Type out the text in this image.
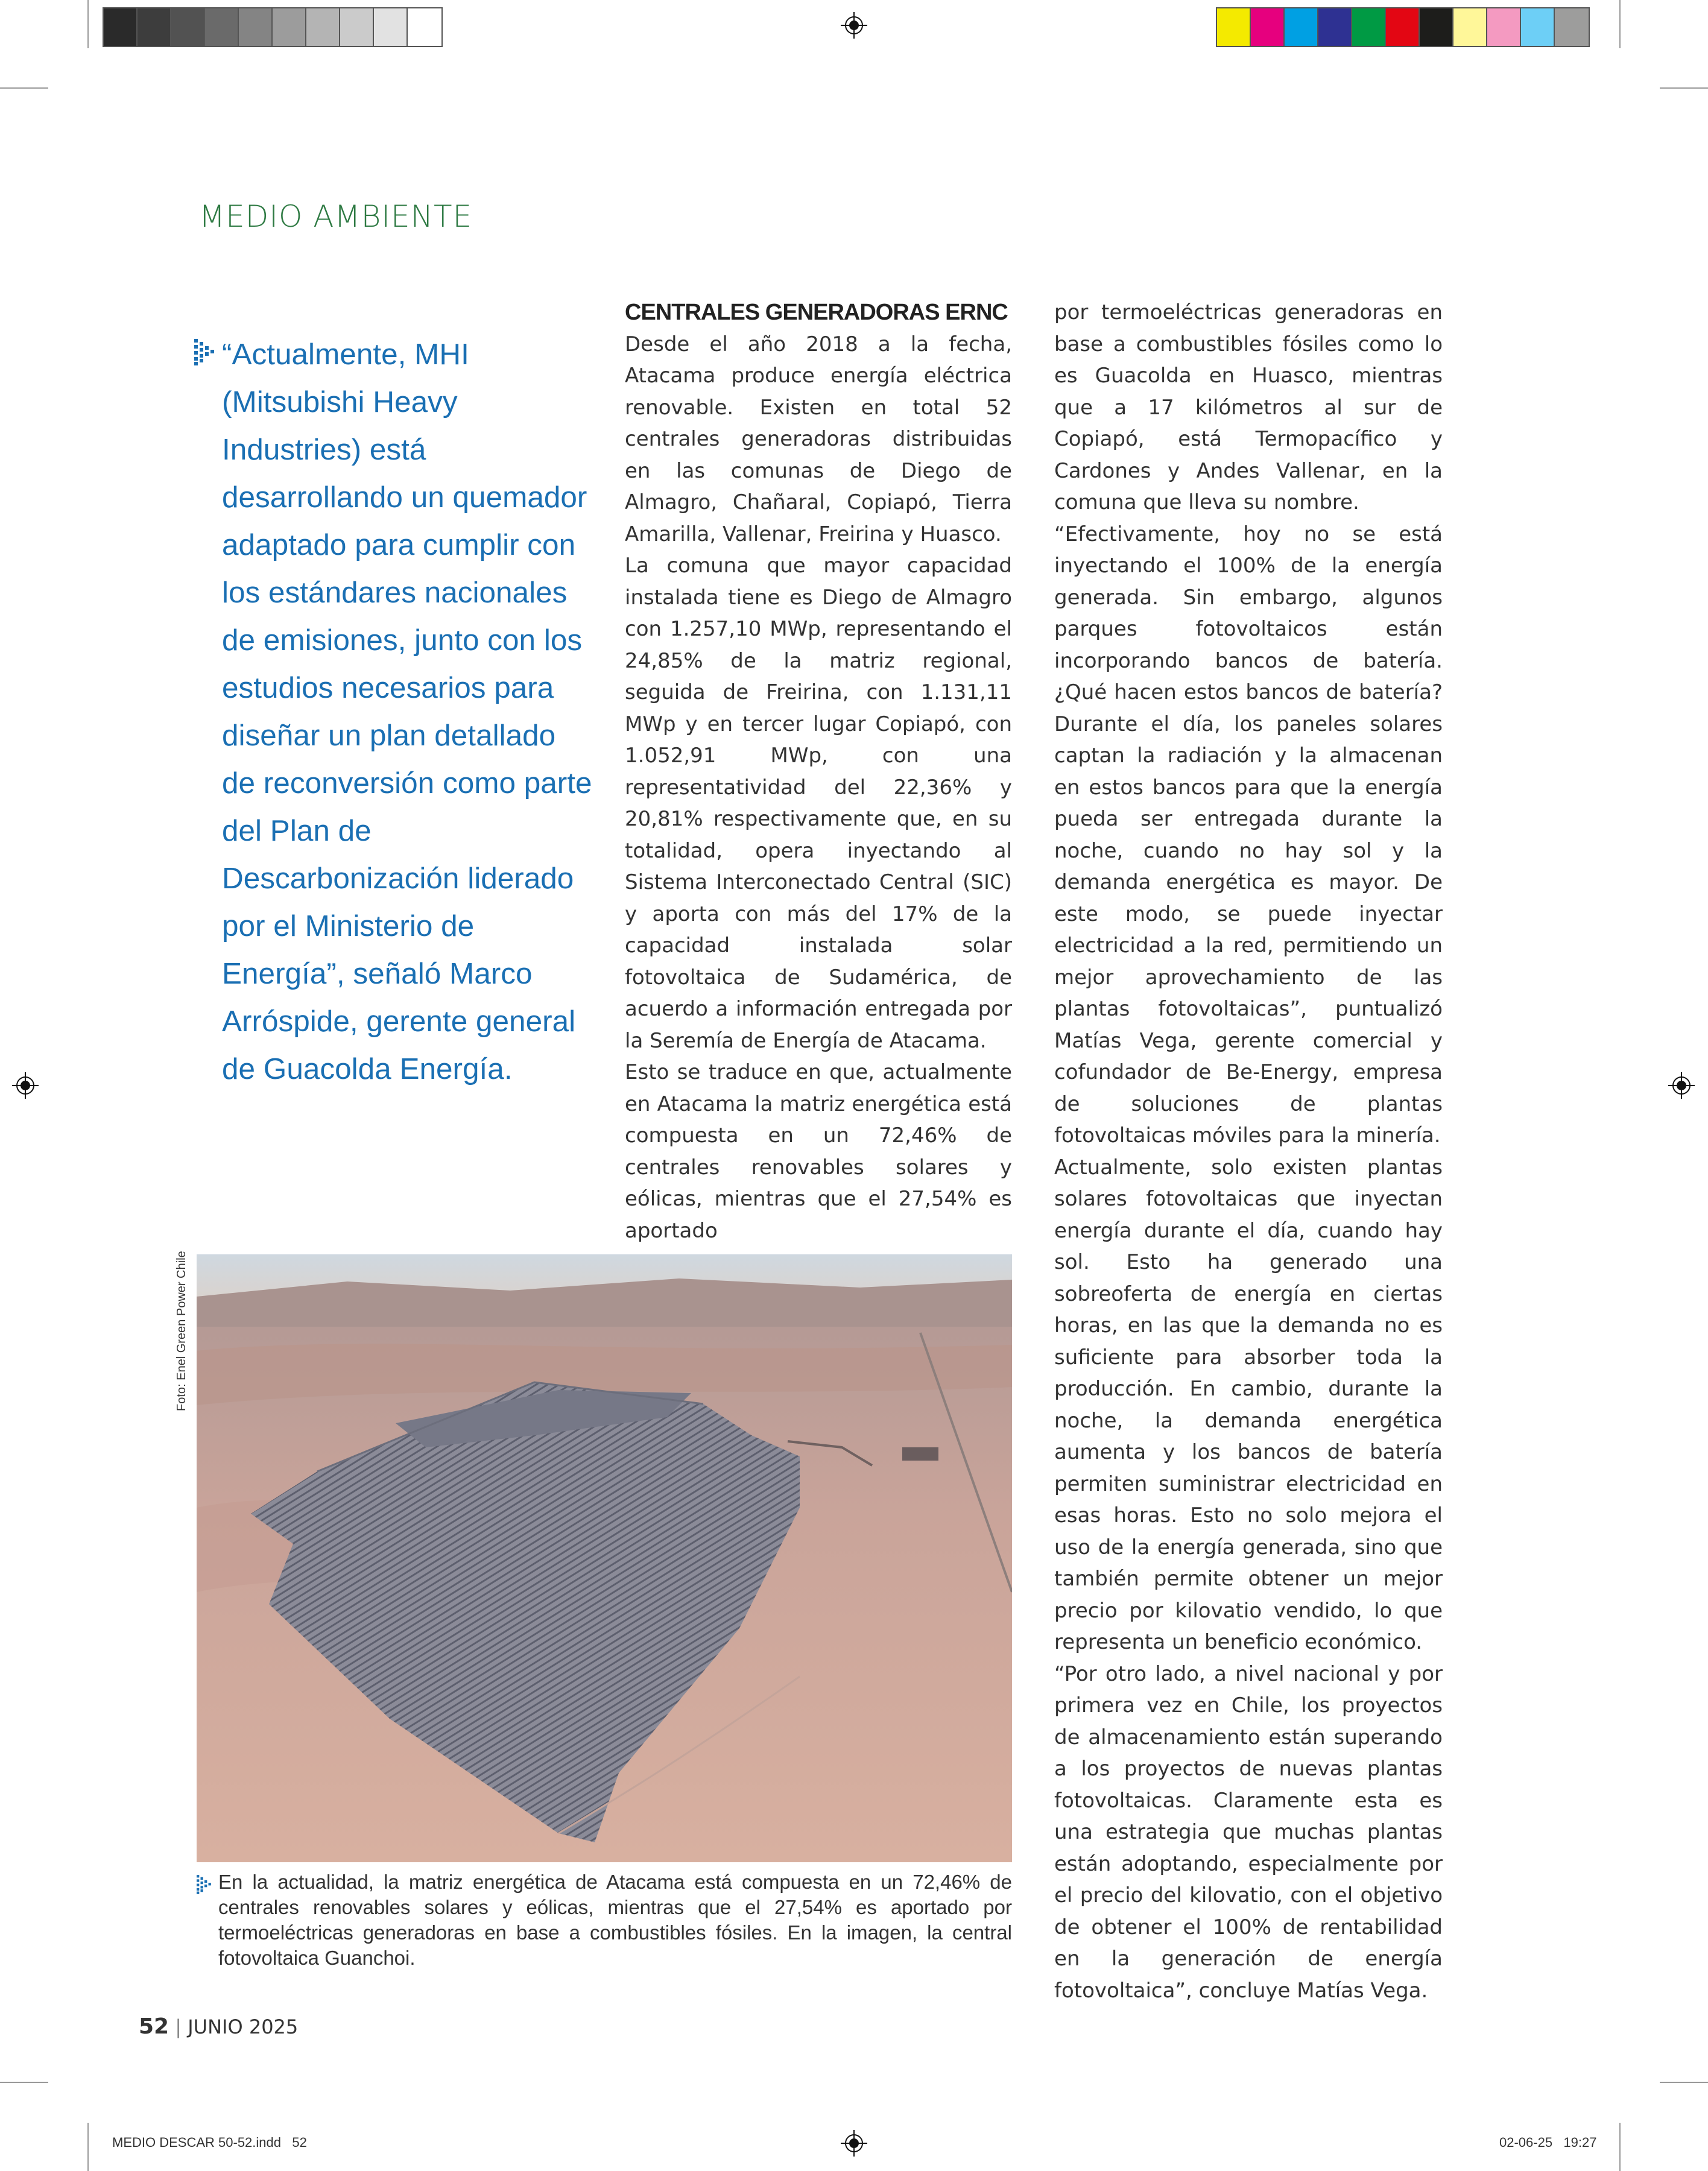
MEDIO AMBIENTE
“Actualmente, MHI (Mitsubishi Heavy Industries) está desarrollando un quemador adaptado para cumplir con los estándares nacionales de emisiones, junto con los estudios necesarios para diseñar un plan detallado de reconversión como parte del Plan de Descarbonización liderado por el Ministerio de Energía”, señaló Marco Arróspide, gerente general de Guacolda Energía.

CENTRALES GENERADORAS ERNC

Desde el año 2018 a la fecha, Atacama produce energía eléctrica renovable. Existen en total 52 centrales generadoras distribuidas en las comunas de Diego de Almagro, Chañaral, Copiapó, Tierra Amarilla, Vallenar, Freirina y Huasco.

La comuna que mayor capacidad instalada tiene es Diego de Almagro con 1.257,10 MWp, representando el 24,85% de la matriz regional, seguida de Freirina, con 1.131,11 MWp y en tercer lugar Copiapó, con 1.052,91 MWp, con una representatividad del 22,36% y 20,81% respectivamente que, en su totalidad, opera inyectando al Sistema Interconectado Central (SIC) y aporta con más del 17% de la capacidad instalada solar fotovoltaica de Sudamérica, de acuerdo a información entregada por la Seremía de Energía de Atacama.

Esto se traduce en que, actualmente en Atacama la matriz energética está compuesta en un 72,46% de centrales renovables solares y eólicas, mientras que el 27,54% es aportado

por termoeléctricas generadoras en base a combustibles fósiles como lo es Guacolda en Huasco, mientras que a 17 kilómetros al sur de Copiapó, está Termopacífico y Cardones y Andes Vallenar, en la comuna que lleva su nombre.

“Efectivamente, hoy no se está inyectando el 100% de la energía generada. Sin embargo, algunos parques fotovoltaicos están incorporando bancos de batería. ¿Qué hacen estos bancos de batería? Durante el día, los paneles solares captan la radiación y la almacenan en estos bancos para que la energía pueda ser entregada durante la noche, cuando no hay sol y la demanda energética es mayor. De este modo, se puede inyectar electricidad a la red, permitiendo un mejor aprovechamiento de las plantas fotovoltaicas”, puntualizó Matías Vega, gerente comercial y cofundador de Be-Energy, empresa de soluciones de plantas fotovoltaicas móviles para la minería.

Actualmente, solo existen plantas solares fotovoltaicas que inyectan energía durante el día, cuando hay sol. Esto ha generado una sobreoferta de energía en ciertas horas, en las que la demanda no es suficiente para absorber toda la producción. En cambio, durante la noche, la demanda energética aumenta y los bancos de batería permiten suministrar electricidad en esas horas. Esto no solo mejora el uso de la energía generada, sino que también permite obtener un mejor precio por kilovatio vendido, lo que representa un beneficio económico.

“Por otro lado, a nivel nacional y por primera vez en Chile, los proyectos de almacenamiento están superando a los proyectos de nuevas plantas fotovoltaicas. Claramente esta es una estrategia que muchas plantas están adoptando, especialmente por el precio del kilovatio, con el objetivo de obtener el 100% de rentabilidad en la generación de energía fotovoltaica”, concluye Matías Vega.

Foto: Enel Green Power Chile
En la actualidad, la matriz energética de Atacama está compuesta en un 72,46% de centrales renovables solares y eólicas, mientras que el 27,54% es aportado por termoeléctricas generadoras en base a combustibles fósiles. En la imagen, la central fotovoltaica Guanchoi.
52 | JUNIO 2025
MEDIO DESCAR 50-52.indd   52	02-06-25   19:27
